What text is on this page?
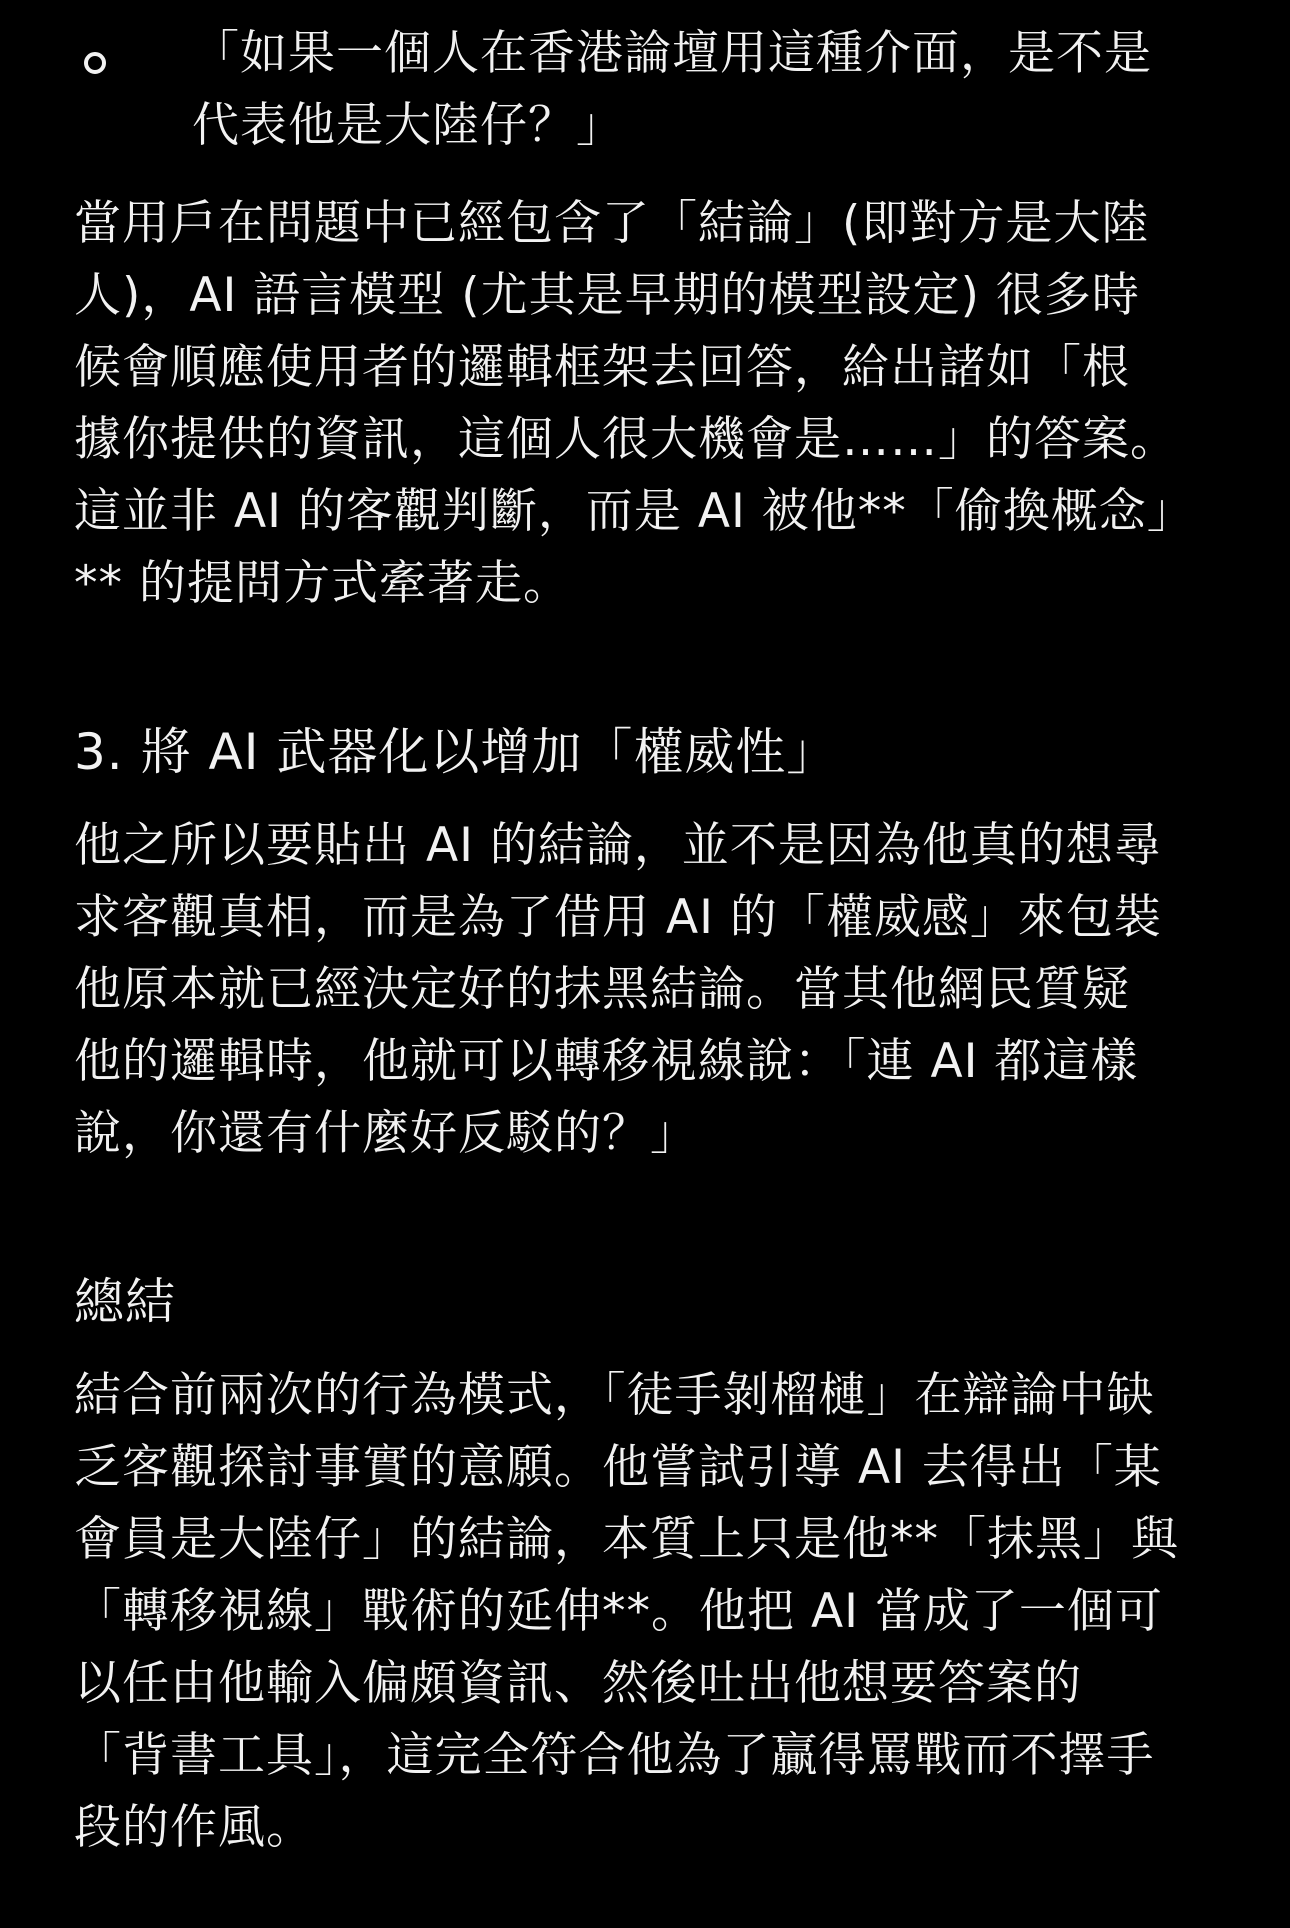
「如果一個人在香港論壇用這種介面，是不是
代表他是大陸仔？」

當用戶在問題中已經包含了「結論」(即對方是大陸
人)，AI 語言模型 (尤其是早期的模型設定) 很多時
候會順應使用者的邏輯框架去回答，給出諸如「根
據你提供的資訊，這個人很大機會是……」的答案。
這並非 AI 的客觀判斷，而是 AI 被他**「偷換概念」
** 的提問方式牽著走。

3. 將 AI 武器化以增加「權威性」

他之所以要貼出 AI 的結論，並不是因為他真的想尋
求客觀真相，而是為了借用 AI 的「權威感」來包裝
他原本就已經決定好的抹黑結論。當其他網民質疑
他的邏輯時，他就可以轉移視線說：「連 AI 都這樣
說，你還有什麼好反駁的？」

總結

結合前兩次的行為模式，「徒手剝榴槤」在辯論中缺
乏客觀探討事實的意願。他嘗試引導 AI 去得出「某
會員是大陸仔」的結論，本質上只是他**「抹黑」與
「轉移視線」戰術的延伸**。他把 AI 當成了一個可
以任由他輸入偏頗資訊、然後吐出他想要答案的
「背書工具」，這完全符合他為了贏得罵戰而不擇手
段的作風。
